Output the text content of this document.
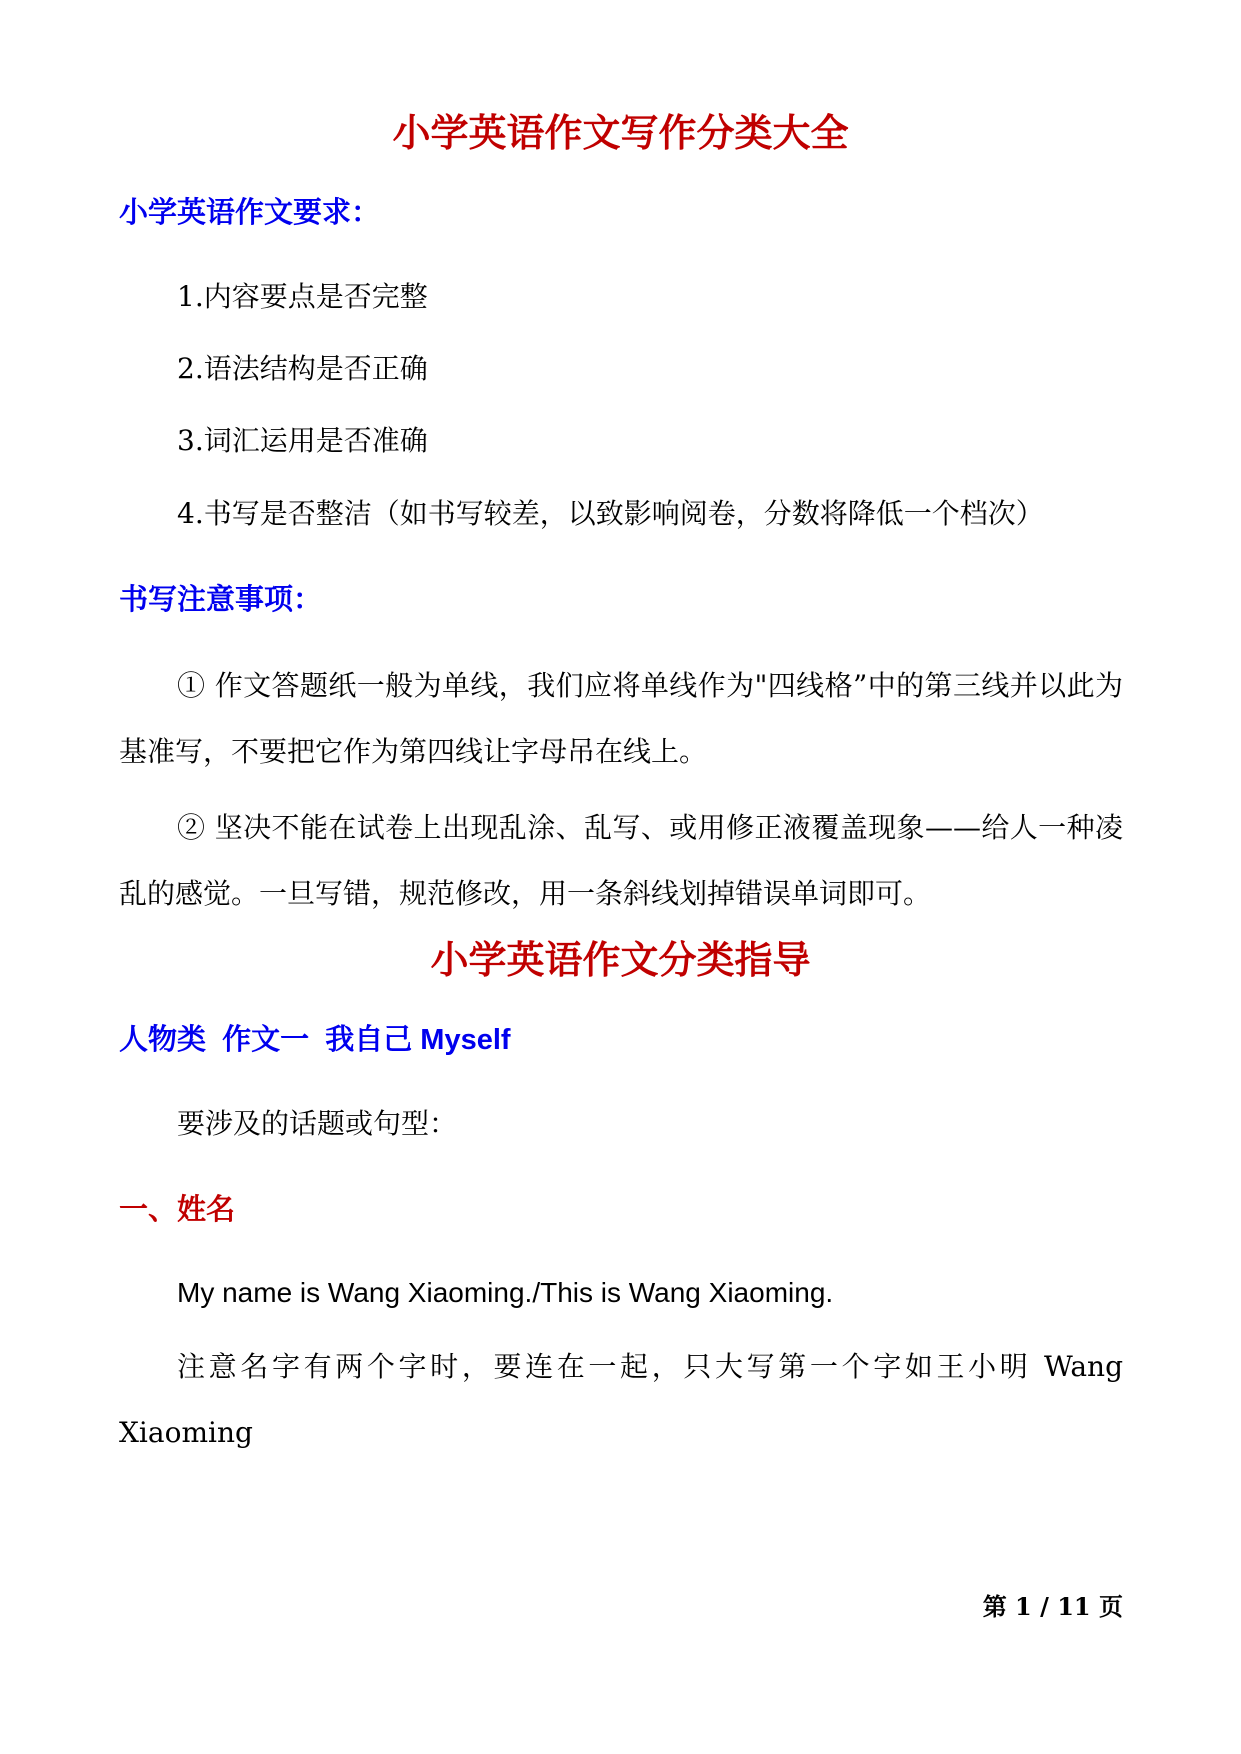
小学英语作文写作分类大全
小学英语作文要求：

1.内容要点是否完整

2.语法结构是否正确

3.词汇运用是否准确

4.书写是否整洁（如书写较差，以致影响阅卷，分数将降低一个档次）

书写注意事项：

① 作文答题纸一般为单线，我们应将单线作为"四线格”中的第三线并以此为基准写，不要把它作为第四线让字母吊在线上。

② 坚决不能在试卷上出现乱涂、乱写、或用修正液覆盖现象——给人一种凌乱的感觉。一旦写错，规范修改，用一条斜线划掉错误单词即可。

小学英语作文分类指导
人物类  作文一  我自己 Myself

要涉及的话题或句型：

一、姓名

My name is Wang Xiaoming./This is Wang Xiaoming.

注意名字有两个字时，要连在一起，只大写第一个字如王小明 Wang Xiaoming

第 1 / 11 页
